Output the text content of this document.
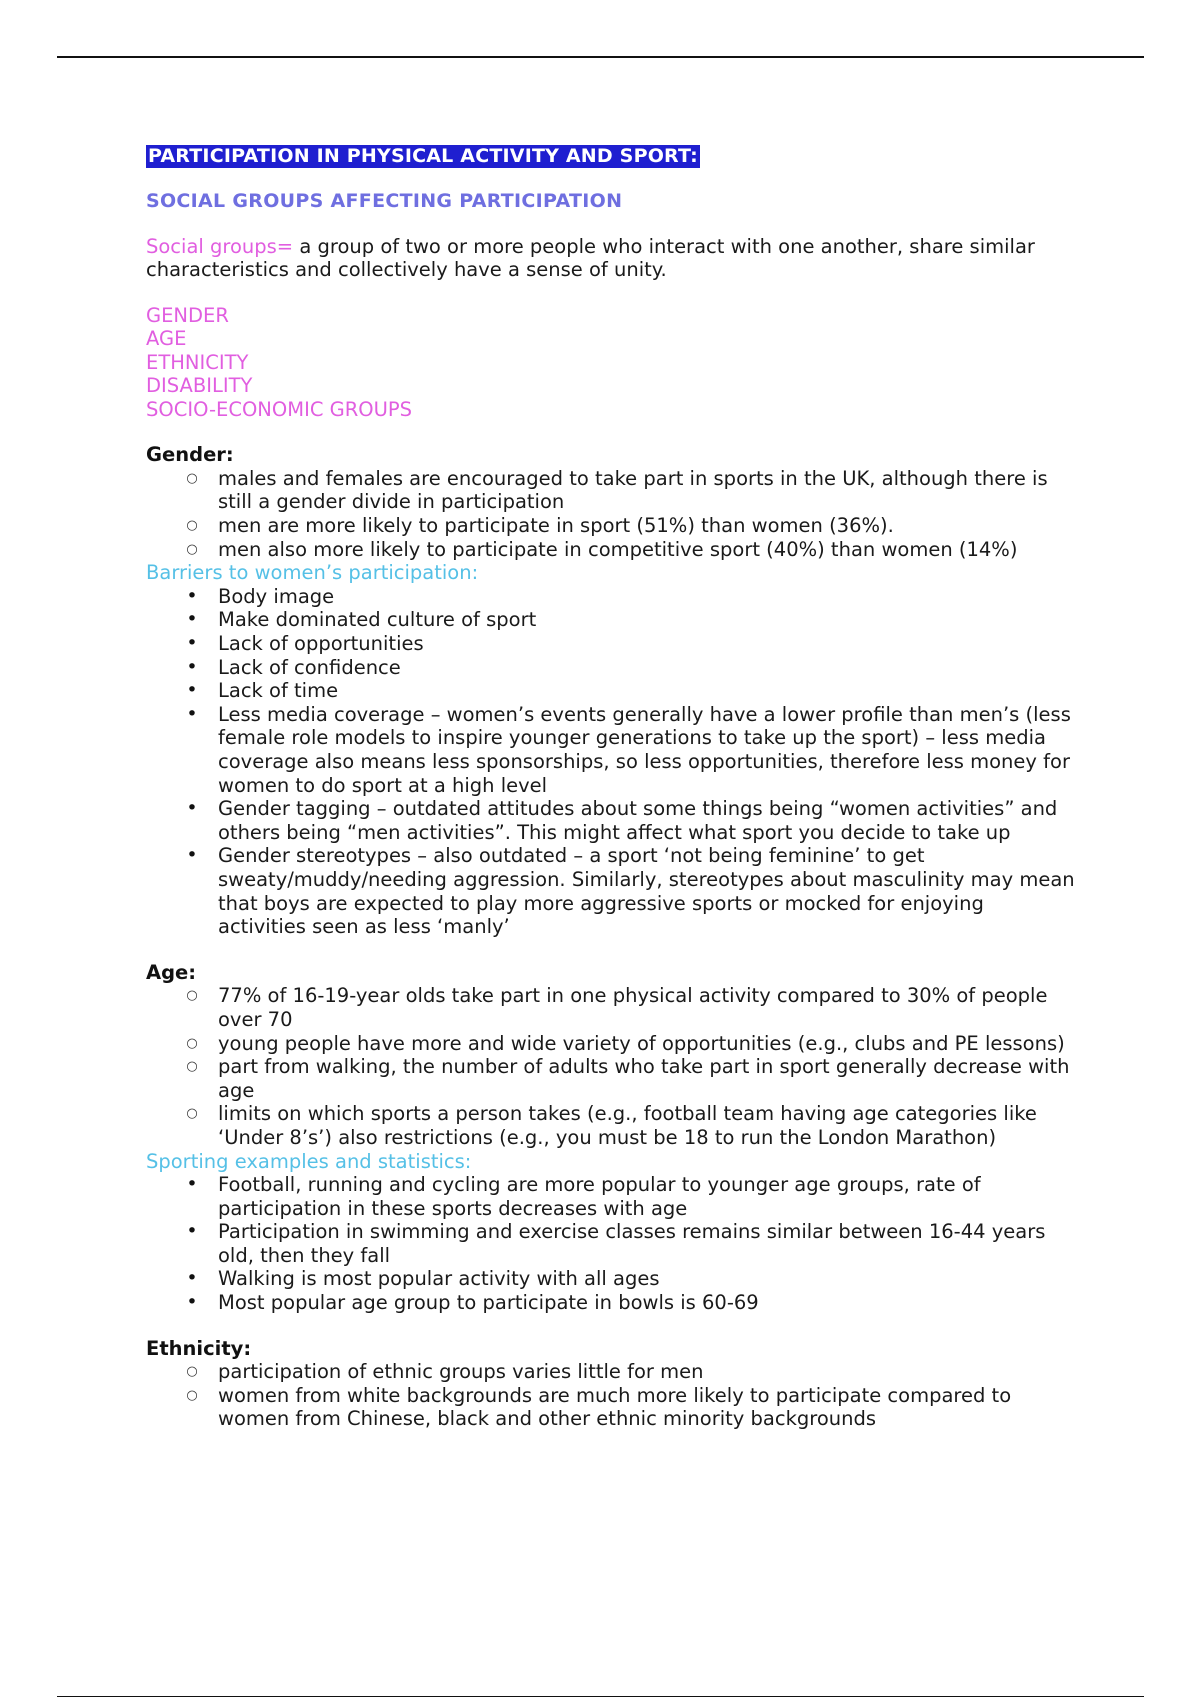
PARTICIPATION IN PHYSICAL ACTIVITY AND SPORT:
SOCIAL GROUPS AFFECTING PARTICIPATION
Social groups= a group of two or more people who interact with one another, share similar characteristics and collectively have a sense of unity.
GENDER
AGE
ETHNICITY
DISABILITY
SOCIO-ECONOMIC GROUPS
Gender:
○ males and females are encouraged to take part in sports in the UK, although there is still a gender divide in participation
○ men are more likely to participate in sport (51%) than women (36%).
○ men also more likely to participate in competitive sport (40%) than women (14%)
Barriers to women’s participation:
• Body image
• Make dominated culture of sport
• Lack of opportunities
• Lack of confidence
• Lack of time
• Less media coverage – women’s events generally have a lower profile than men’s (less female role models to inspire younger generations to take up the sport) – less media coverage also means less sponsorships, so less opportunities, therefore less money for women to do sport at a high level
• Gender tagging – outdated attitudes about some things being “women activities” and others being “men activities”. This might affect what sport you decide to take up
• Gender stereotypes – also outdated – a sport ‘not being feminine’ to get sweaty/muddy/needing aggression. Similarly, stereotypes about masculinity may mean that boys are expected to play more aggressive sports or mocked for enjoying activities seen as less ‘manly’
Age:
○ 77% of 16-19-year olds take part in one physical activity compared to 30% of people over 70
○ young people have more and wide variety of opportunities (e.g., clubs and PE lessons)
○ part from walking, the number of adults who take part in sport generally decrease with age
○ limits on which sports a person takes (e.g., football team having age categories like ‘Under 8’s’) also restrictions (e.g., you must be 18 to run the London Marathon)
Sporting examples and statistics:
• Football, running and cycling are more popular to younger age groups, rate of participation in these sports decreases with age
• Participation in swimming and exercise classes remains similar between 16-44 years old, then they fall
• Walking is most popular activity with all ages
• Most popular age group to participate in bowls is 60-69
Ethnicity:
○ participation of ethnic groups varies little for men
○ women from white backgrounds are much more likely to participate compared to women from Chinese, black and other ethnic minority backgrounds
